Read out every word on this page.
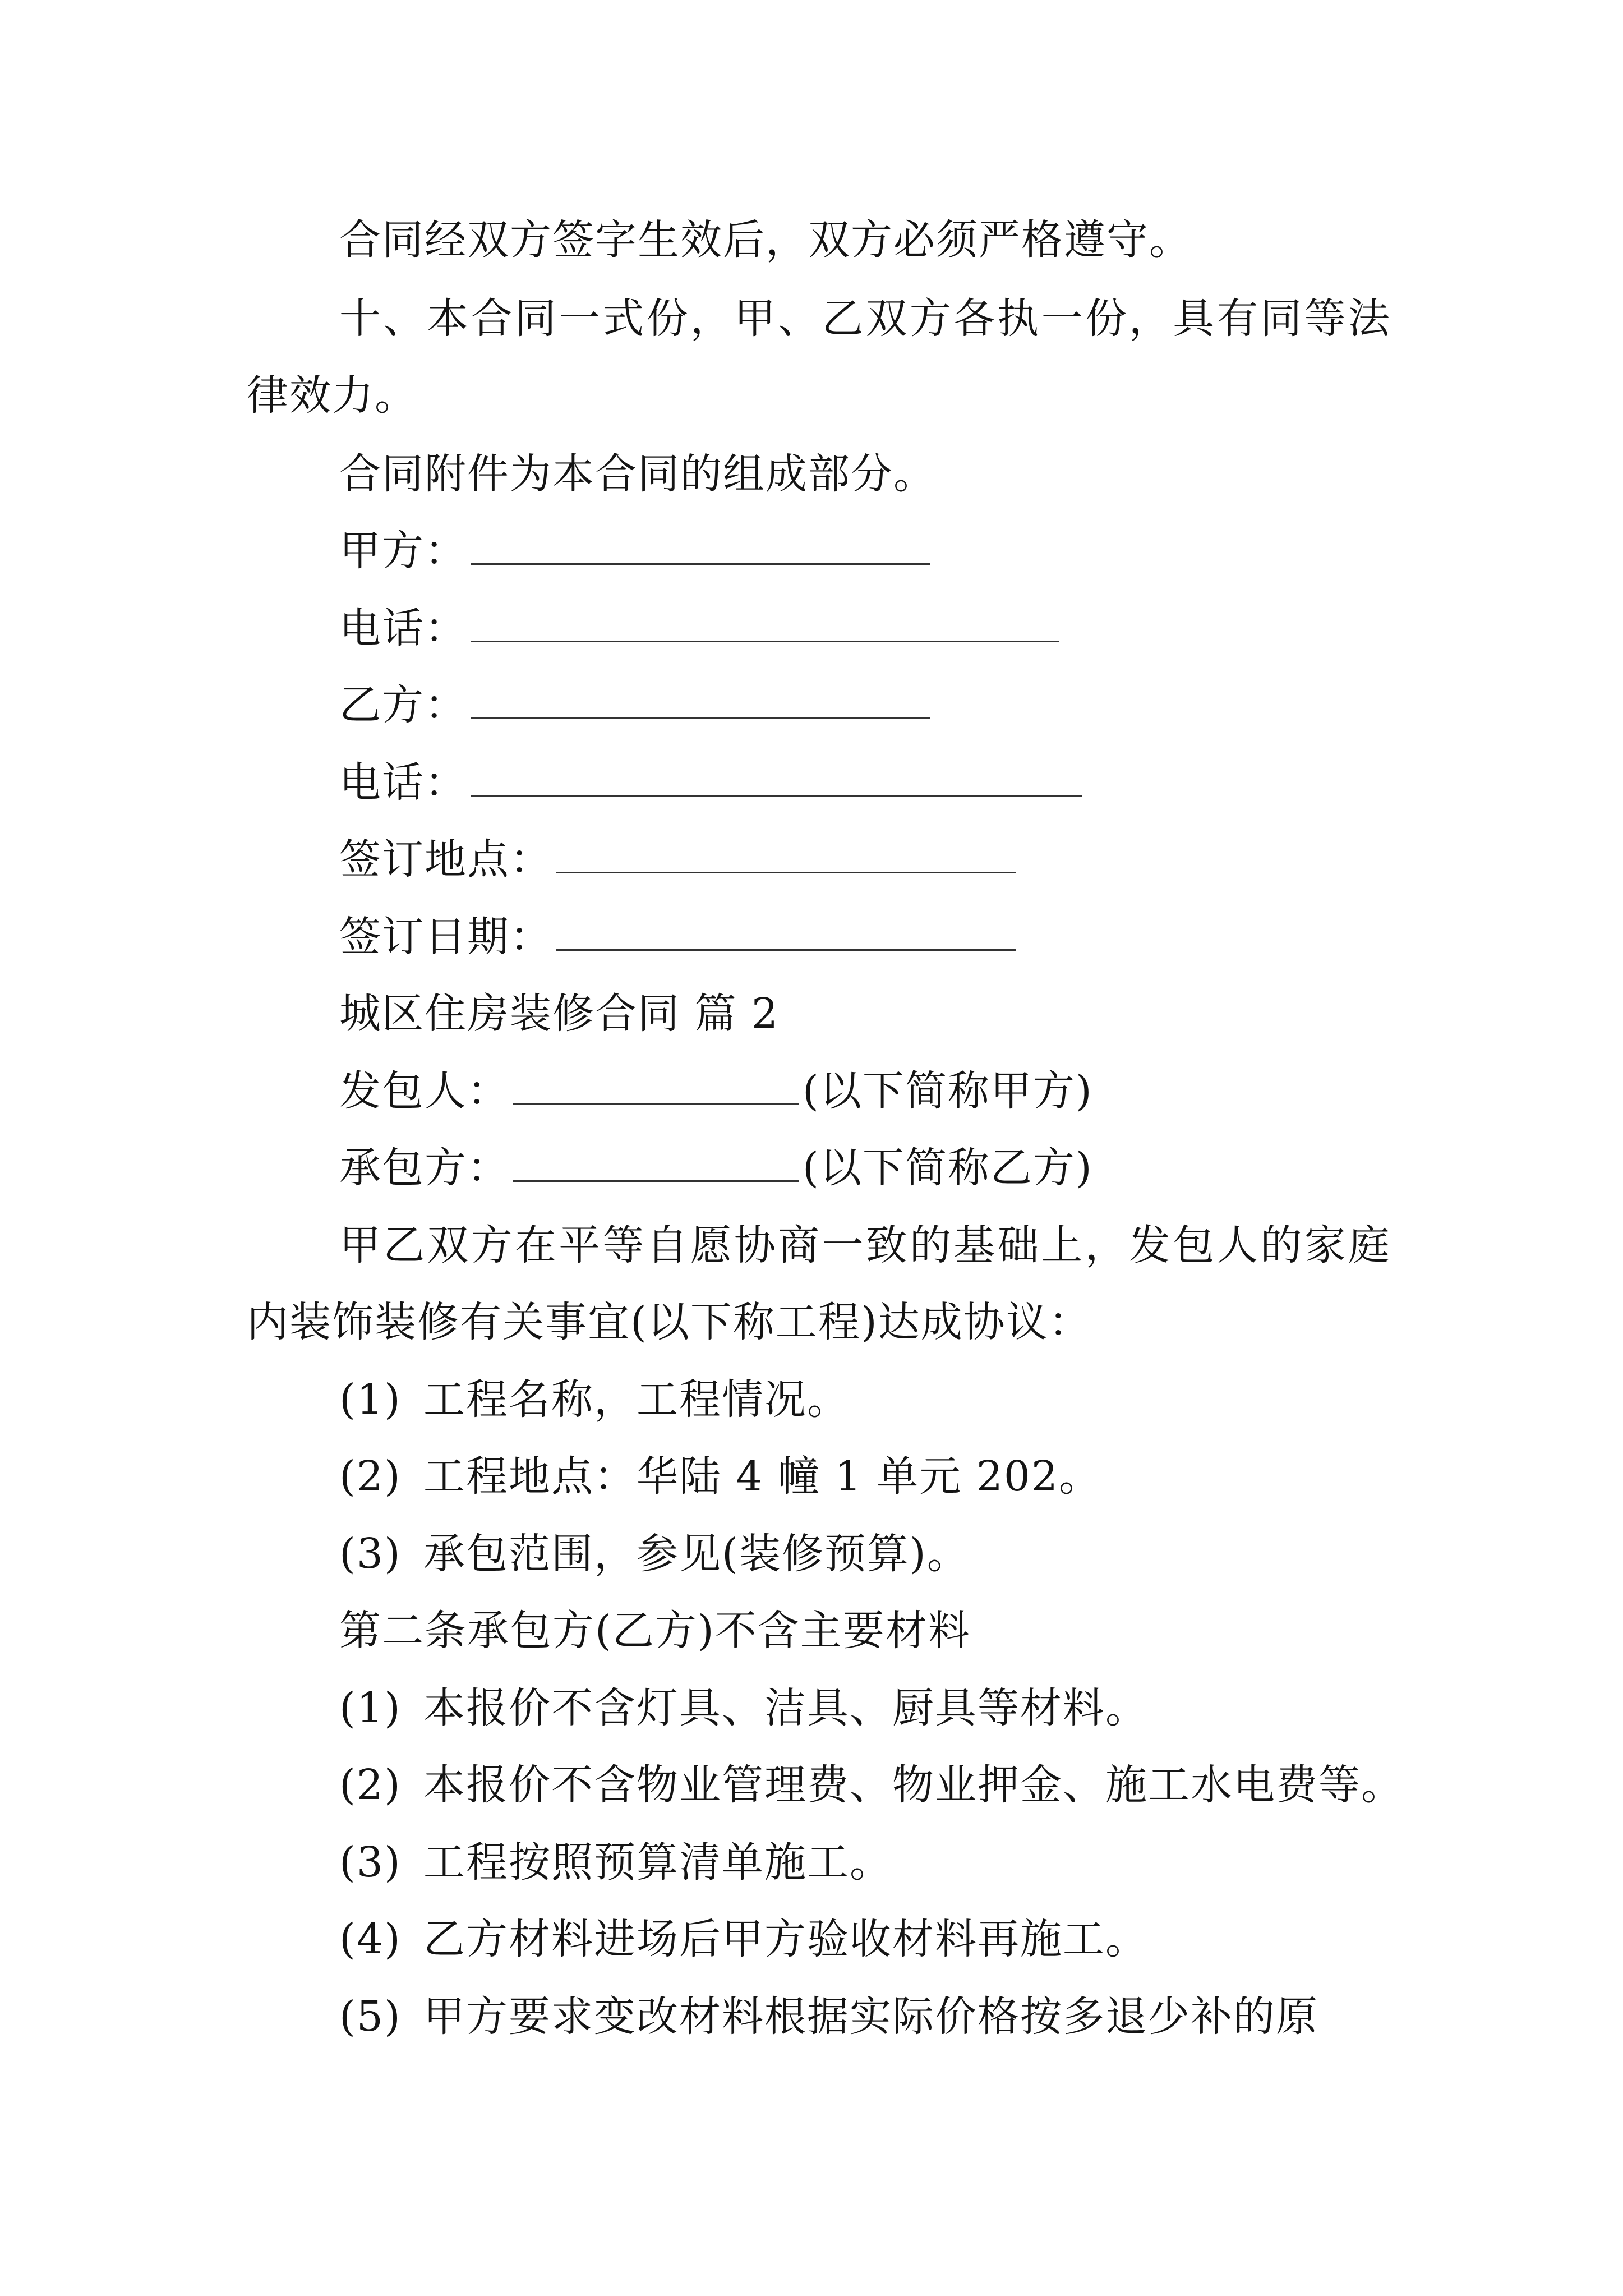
合同经双方签字生效后，双方必须严格遵守。
十、本合同一式份，甲、乙双方各执一份，具有同等法
律效力。
合同附件为本合同的组成部分。
甲方：
电话：
乙方：
电话：
签订地点：
签订日期：
城区住房装修合同 篇 2
发包人：	(以下简称甲方)
承包方：	(以下简称乙方)
甲乙双方在平等自愿协商一致的基础上，发包人的家庭
内装饰装修有关事宜(以下称工程)达成协议：
(1) 工程名称，工程情况。
(2) 工程地点：华陆 4 幢 1 单元 202。
(3) 承包范围，参见(装修预算)。
第二条承包方(乙方)不含主要材料
(1) 本报价不含灯具、洁具、厨具等材料。
(2) 本报价不含物业管理费、物业押金、施工水电费等。
(3) 工程按照预算清单施工。
(4) 乙方材料进场后甲方验收材料再施工。
(5) 甲方要求变改材料根据实际价格按多退少补的原
